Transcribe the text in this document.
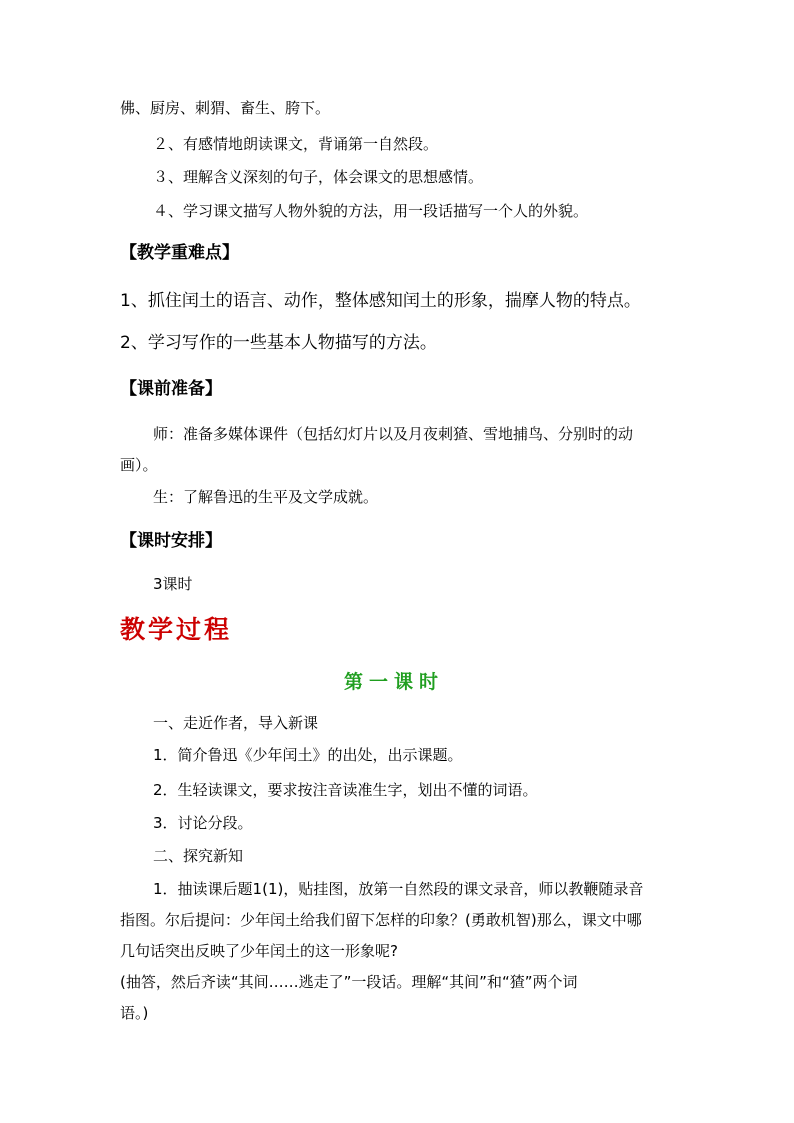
佛、厨房、刺猬、畜生、胯下。
２、有感情地朗读课文，背诵第一自然段。
３、理解含义深刻的句子，体会课文的思想感情。
４、学习课文描写人物外貌的方法，用一段话描写一个人的外貌。
【教学重难点】
1、抓住闰土的语言、动作，整体感知闰土的形象，揣摩人物的特点。
2、学习写作的一些基本人物描写的方法。
【课前准备】
师：准备多媒体课件（包括幻灯片以及月夜刺猹、雪地捕鸟、分别时的动
画）。
生：了解鲁迅的生平及文学成就。
【课时安排】
3课时
教学过程
第一课时
一、走近作者，导入新课
1．简介鲁迅《少年闰土》的出处，出示课题。
2．生轻读课文，要求按注音读准生字，划出不懂的词语。
3．讨论分段。
二、探究新知
1．抽读课后题1(1)，贴挂图，放第一自然段的课文录音，师以教鞭随录音
指图。尔后提问：少年闰土给我们留下怎样的印象？(勇敢机智)那么，课文中哪
几句话突出反映了少年闰土的这一形象呢?
(抽答，然后齐读“其间……逃走了”一段话。理解“其间”和“猹”两个词
语。)
